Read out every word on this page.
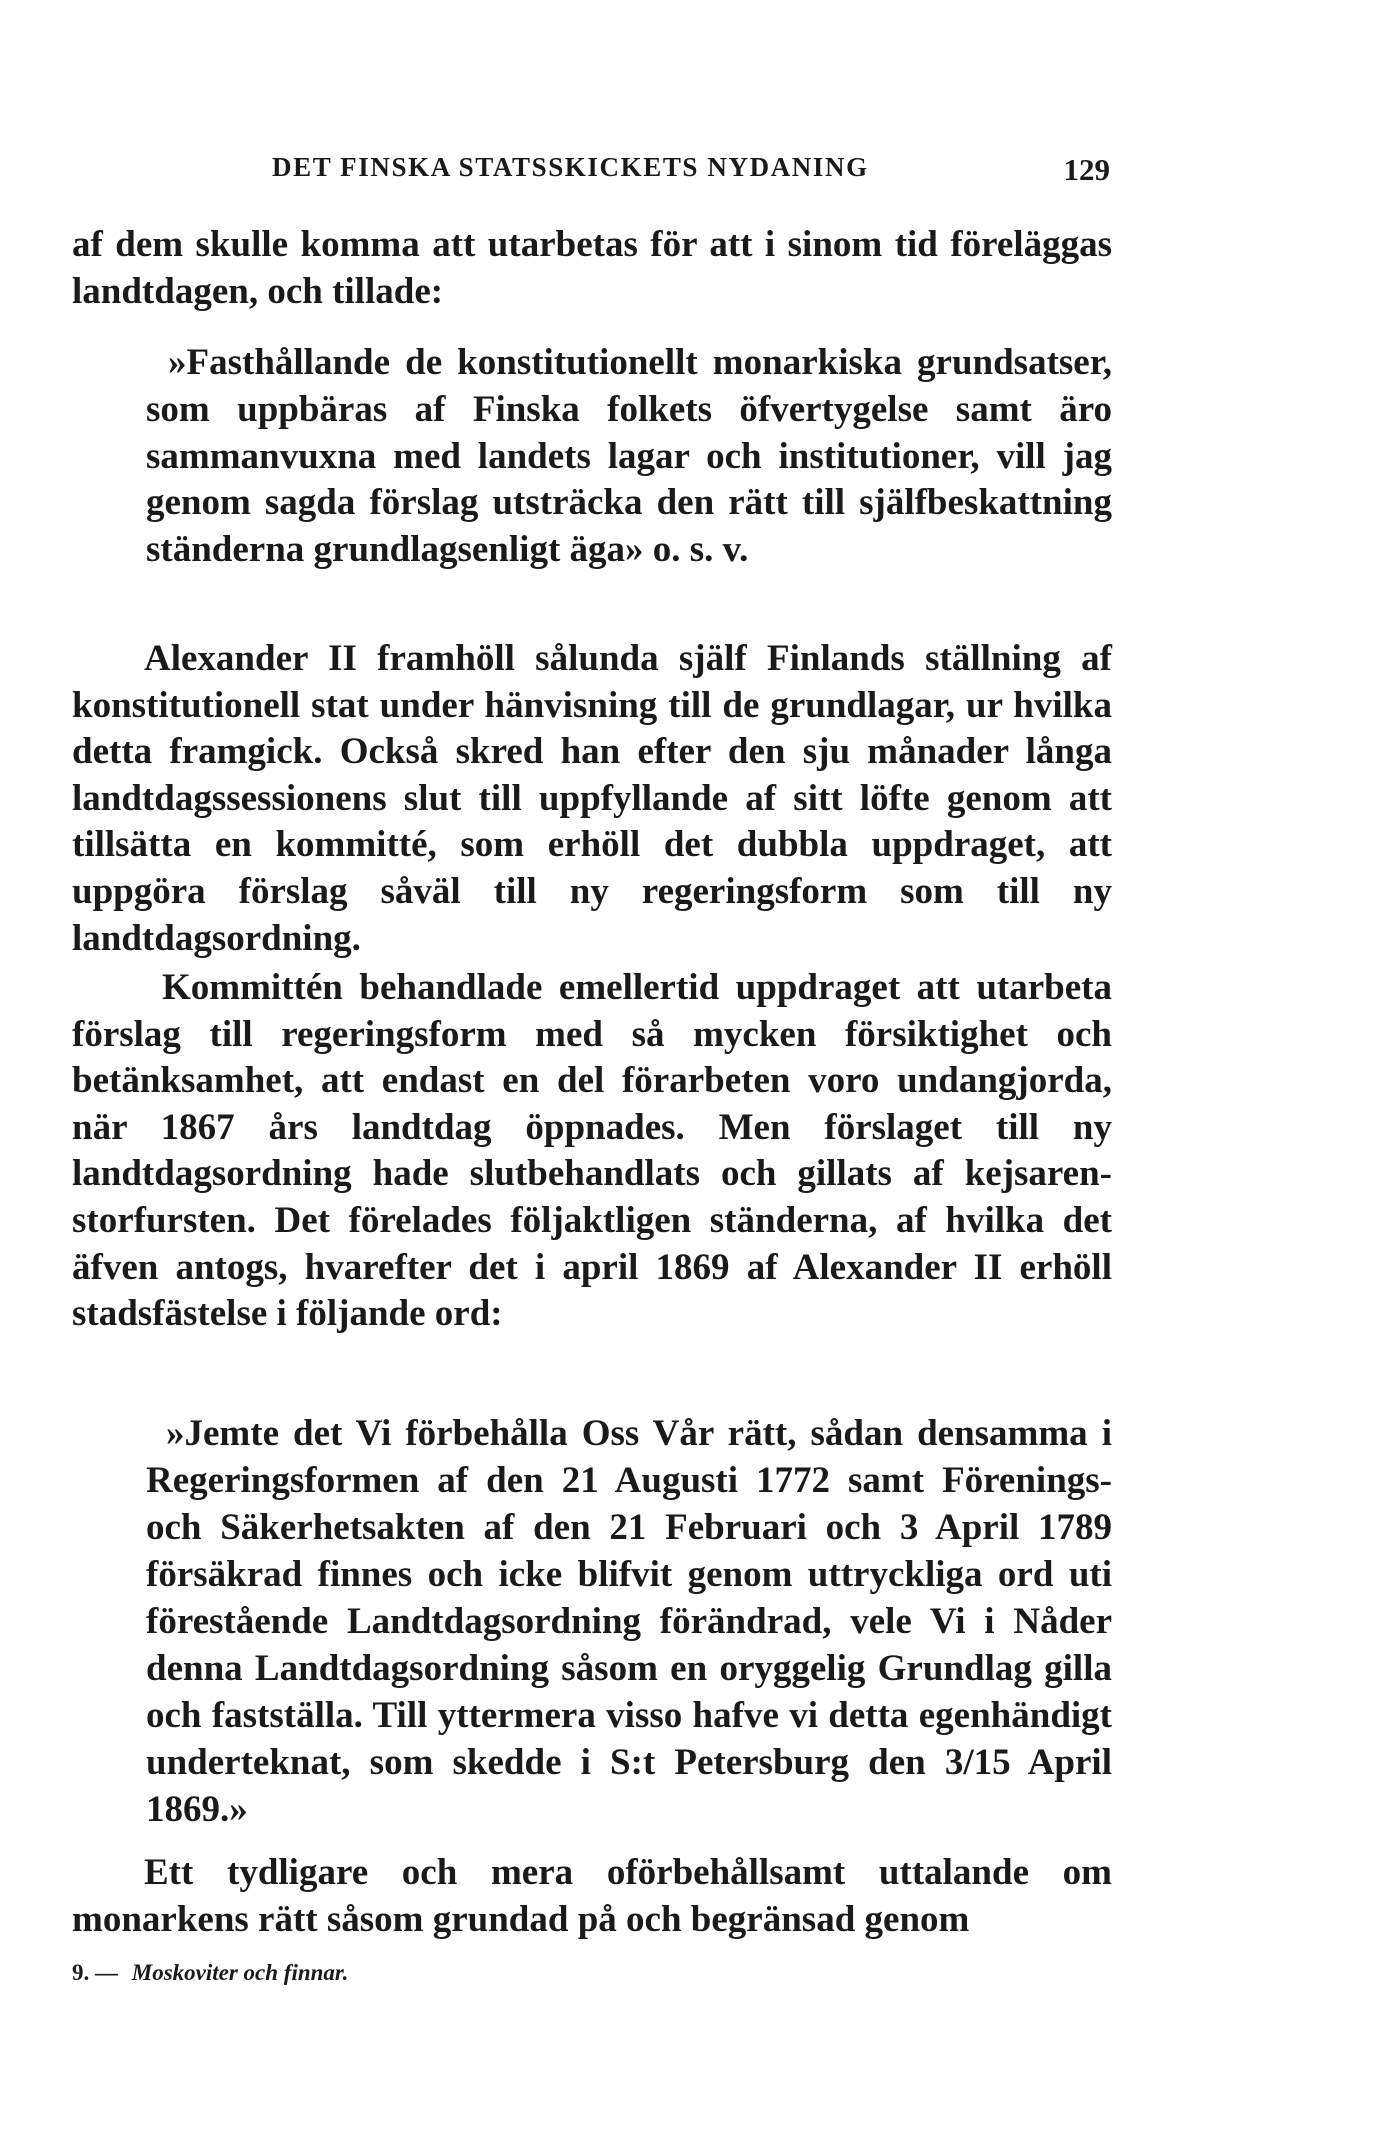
DET FINSKA STATSSKICKETS NYDANING	129
af dem skulle komma att utarbetas för att i sinom tid föreläggas landtdagen, och tillade:
»Fasthållande de konstitutionellt monarkiska grundsatser, som uppbäras af Finska folkets öfvertygelse samt äro sammanvuxna med landets lagar och institutioner, vill jag genom sagda förslag utsträcka den rätt till själfbeskattning ständerna grundlagsenligt äga» o. s. v.
Alexander II framhöll sålunda själf Finlands ställning af konstitutionell stat under hänvisning till de grundlagar, ur hvilka detta framgick. Också skred han efter den sju månader långa landtdagssessionens slut till uppfyllande af sitt löfte genom att tillsätta en kommitté, som erhöll det dubbla uppdraget, att uppgöra förslag såväl till ny regeringsform som till ny landtdagsordning.
Kommittén behandlade emellertid uppdraget att utarbeta förslag till regeringsform med så mycken försiktighet och betänksamhet, att endast en del förarbeten voro undangjorda, när 1867 års landtdag öppnades. Men förslaget till ny landtdagsordning hade slutbehandlats och gillats af kejsaren-storfursten. Det förelades följaktligen ständerna, af hvilka det äfven antogs, hvarefter det i april 1869 af Alexander II erhöll stadsfästelse i följande ord:
»Jemte det Vi förbehålla Oss Vår rätt, sådan densamma i Regeringsformen af den 21 Augusti 1772 samt Förenings- och Säkerhetsakten af den 21 Februari och 3 April 1789 försäkrad finnes och icke blifvit genom uttryckliga ord uti förestående Landtdagsordning förändrad, vele Vi i Nåder denna Landtdagsordning såsom en oryggelig Grundlag gilla och fastställa. Till yttermera visso hafve vi detta egenhändigt underteknat, som skedde i S:t Petersburg den 3/15 April 1869.»
Ett tydligare och mera oförbehållsamt uttalande om monarkens rätt såsom grundad på och begränsad genom
9. — Moskoviter och finnar.
